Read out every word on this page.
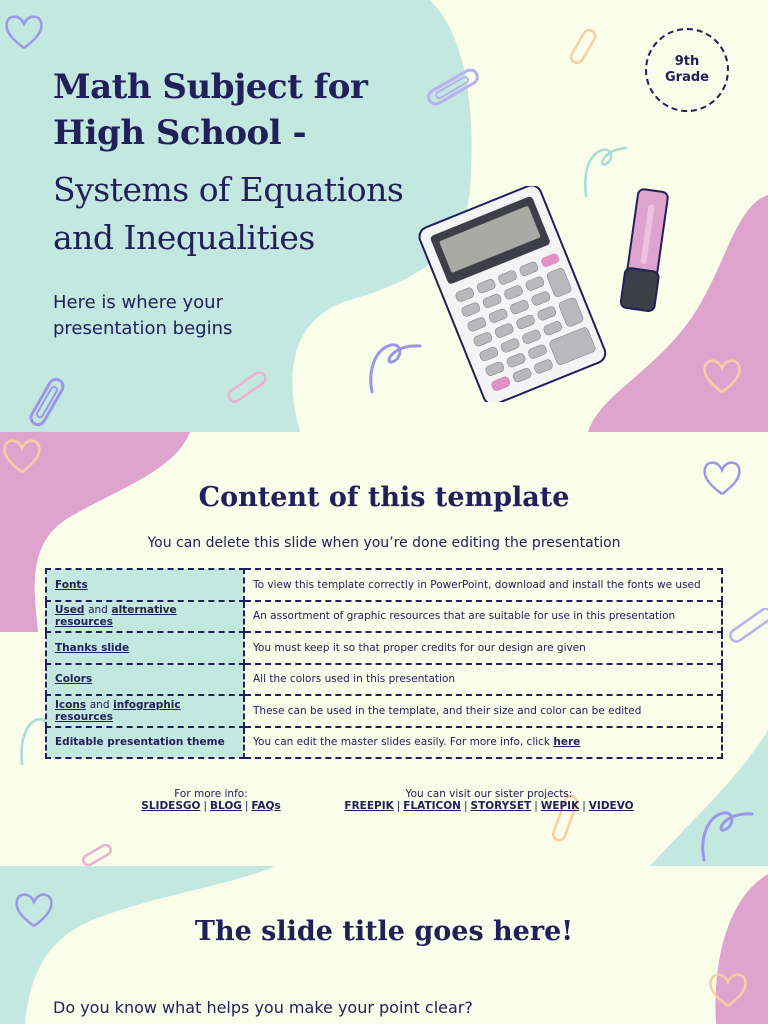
Math Subject for
High School -
Systems of Equations
and Inequalities
Here is where your
presentation begins
9th
Grade
Content of this template
You can delete this slide when you’re done editing the presentation
Fonts	To view this template correctly in PowerPoint, download and install the fonts we used
Used and alternative resources	An assortment of graphic resources that are suitable for use in this presentation
Thanks slide	You must keep it so that proper credits for our design are given
Colors	All the colors used in this presentation
Icons and infographic resources	These can be used in the template, and their size and color can be edited
Editable presentation theme	You can edit the master slides easily. For more info, click here
For more info:
SLIDESGO | BLOG | FAQs
You can visit our sister projects:
FREEPIK | FLATICON | STORYSET | WEPIK | VIDEVO
The slide title goes here!
Do you know what helps you make your point clear?
